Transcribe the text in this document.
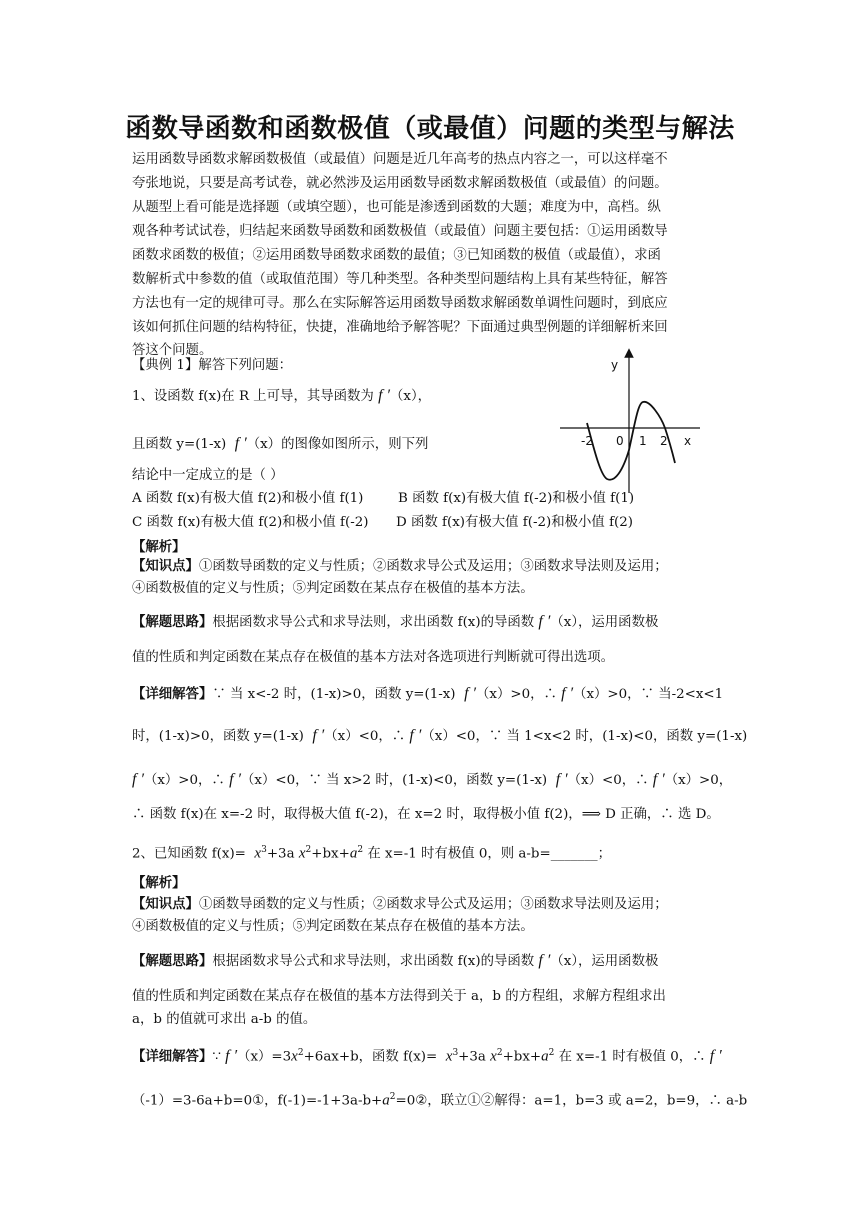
函数导函数和函数极值（或最值）问题的类型与解法
运用函数导函数求解函数极值（或最值）问题是近几年高考的热点内容之一，可以这样毫不
夸张地说，只要是高考试卷，就必然涉及运用函数导函数求解函数极值（或最值）的问题。
从题型上看可能是选择题（或填空题），也可能是渗透到函数的大题；难度为中，高档。纵
观各种考试试卷，归结起来函数导函数和函数极值（或最值）问题主要包括：①运用函数导
函数求函数的极值；②运用函数导函数求函数的最值；③已知函数的极值（或最值），求函
数解析式中参数的值（或取值范围）等几种类型。各种类型问题结构上具有某些特征，解答
方法也有一定的规律可寻。那么在实际解答运用函数导函数求解函数单调性问题时，到底应
该如何抓住问题的结构特征，快捷，准确地给予解答呢？下面通过典型例题的详细解析来回
答这个问题。
【典例 1】解答下列问题：
1、设函数 f(x)在 R 上可导，其导函数为 f ′（x），
且函数 y=(1-x) f ′（x）的图像如图所示，则下列
结论中一定成立的是（ ）
A 函数 f(x)有极大值 f(2)和极小值 f(1)	B 函数 f(x)有极大值 f(-2)和极小值 f(1)
C 函数 f(x)有极大值 f(2)和极小值 f(-2) D 函数 f(x)有极大值 f(-2)和极小值 f(2)
y
x
-2 0 1 2
【解析】
【知识点】①函数导函数的定义与性质；②函数求导公式及运用；③函数求导法则及运用；
④函数极值的定义与性质；⑤判定函数在某点存在极值的基本方法。
【解题思路】根据函数求导公式和求导法则，求出函数 f(x)的导函数 f ′（x），运用函数极
值的性质和判定函数在某点存在极值的基本方法对各选项进行判断就可得出选项。
【详细解答】∵ 当 x<-2 时，(1-x)>0，函数 y=(1-x) f ′（x）>0，∴ f ′（x）>0，∵ 当-2<x<1
时，(1-x)>0，函数 y=(1-x) f ′（x）<0，∴ f ′（x）<0，∵ 当 1<x<2 时，(1-x)<0，函数 y=(1-x)
f ′（x）>0，∴ f ′（x）<0，∵ 当 x>2 时，(1-x)<0，函数 y=(1-x) f ′（x）<0，∴ f ′（x）>0，
∴ 函数 f(x)在 x=-2 时，取得极大值 f(-2)，在 x=2 时，取得极小值 f(2)，⟹ D 正确，∴ 选 D。
2、已知函数 $f(x)= x^3+3a$ $x^2+bx+a^2$ 在 x=-1 时有极值 0，则 a-b=_______；
【解析】
【知识点】①函数导函数的定义与性质；②函数求导公式及运用；③函数求导法则及运用；
④函数极值的定义与性质；⑤判定函数在某点存在极值的基本方法。
【解题思路】根据函数求导公式和求导法则，求出函数 f(x)的导函数 f ′（x），运用函数极
值的性质和判定函数在某点存在极值的基本方法得到关于 a，b 的方程组，求解方程组求出
a，b 的值就可求出 a-b 的值。
【详细解答】∵ f $'(x)=3x^2+6ax+b$，函数 $f(x)= x^3+3a$ $x^2+bx+a^2$ 在 x=-1 时有极值 0，∴ f ′
（-1）=3-6a+b=0①，$f(-1)=-1+3a-b+a^2=0②$，联立①②解得：a=1，b=3 或 a=2，b=9，∴ a-b
